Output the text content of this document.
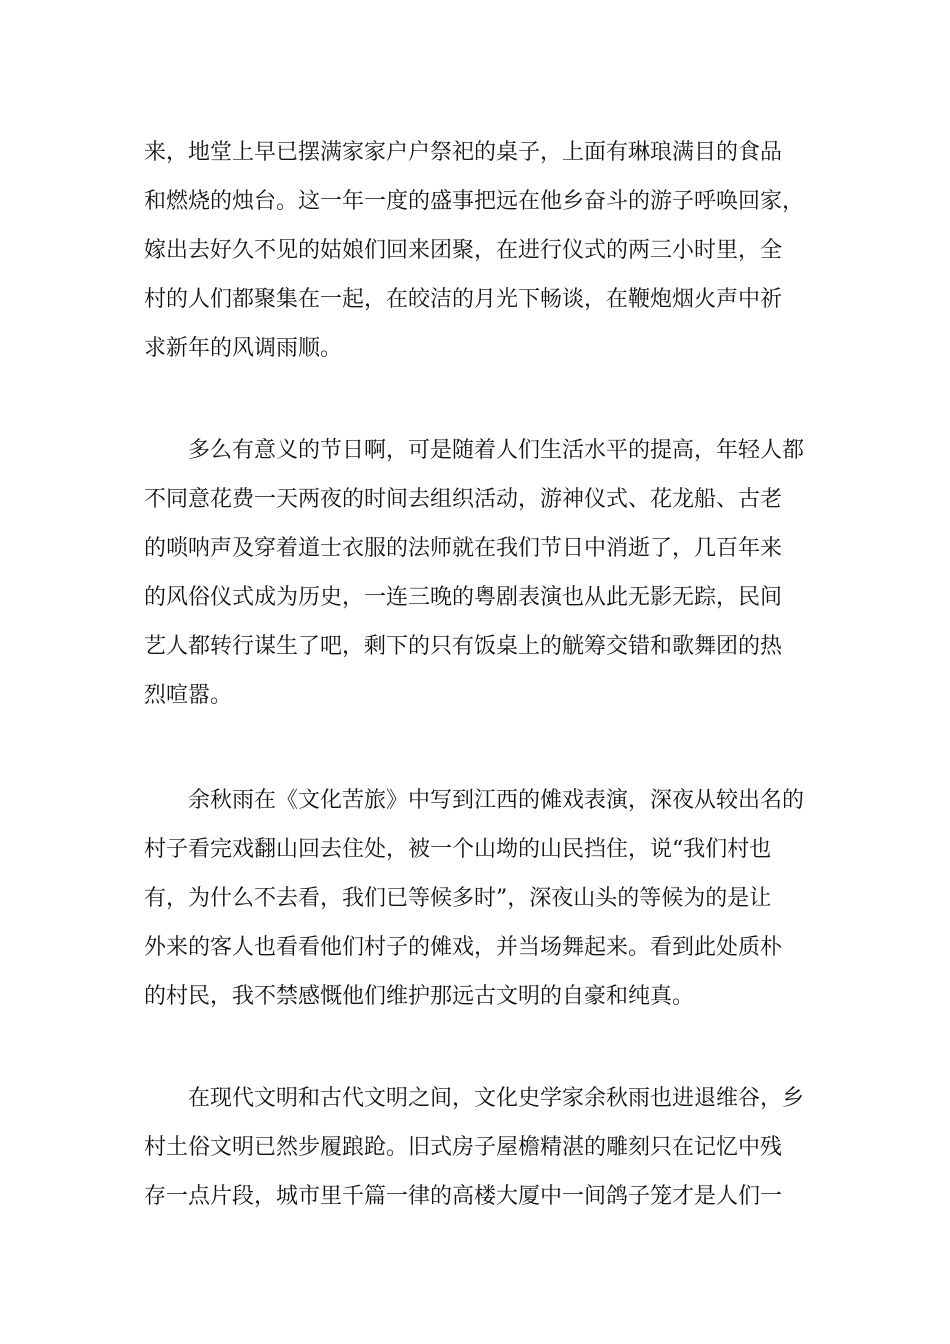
来，地堂上早已摆满家家户户祭祀的桌子，上面有琳琅满目的食品
和燃烧的烛台。这一年一度的盛事把远在他乡奋斗的游子呼唤回家，
嫁出去好久不见的姑娘们回来团聚，在进行仪式的两三小时里，全
村的人们都聚集在一起，在皎洁的月光下畅谈，在鞭炮烟火声中祈
求新年的风调雨顺。
　　多么有意义的节日啊，可是随着人们生活水平的提高，年轻人都
不同意花费一天两夜的时间去组织活动，游神仪式、花龙船、古老
的唢呐声及穿着道士衣服的法师就在我们节日中消逝了，几百年来
的风俗仪式成为历史，一连三晚的粤剧表演也从此无影无踪，民间
艺人都转行谋生了吧，剩下的只有饭桌上的觥筹交错和歌舞团的热
烈喧嚣。
　　余秋雨在《文化苦旅》中写到江西的傩戏表演，深夜从较出名的
村子看完戏翻山回去住处，被一个山坳的山民挡住，说“我们村也
有，为什么不去看，我们已等候多时”，深夜山头的等候为的是让
外来的客人也看看他们村子的傩戏，并当场舞起来。看到此处质朴
的村民，我不禁感慨他们维护那远古文明的自豪和纯真。
　　在现代文明和古代文明之间，文化史学家余秋雨也进退维谷，乡
村土俗文明已然步履踉跄。旧式房子屋檐精湛的雕刻只在记忆中残
存一点片段，城市里千篇一律的高楼大厦中一间鸽子笼才是人们一
